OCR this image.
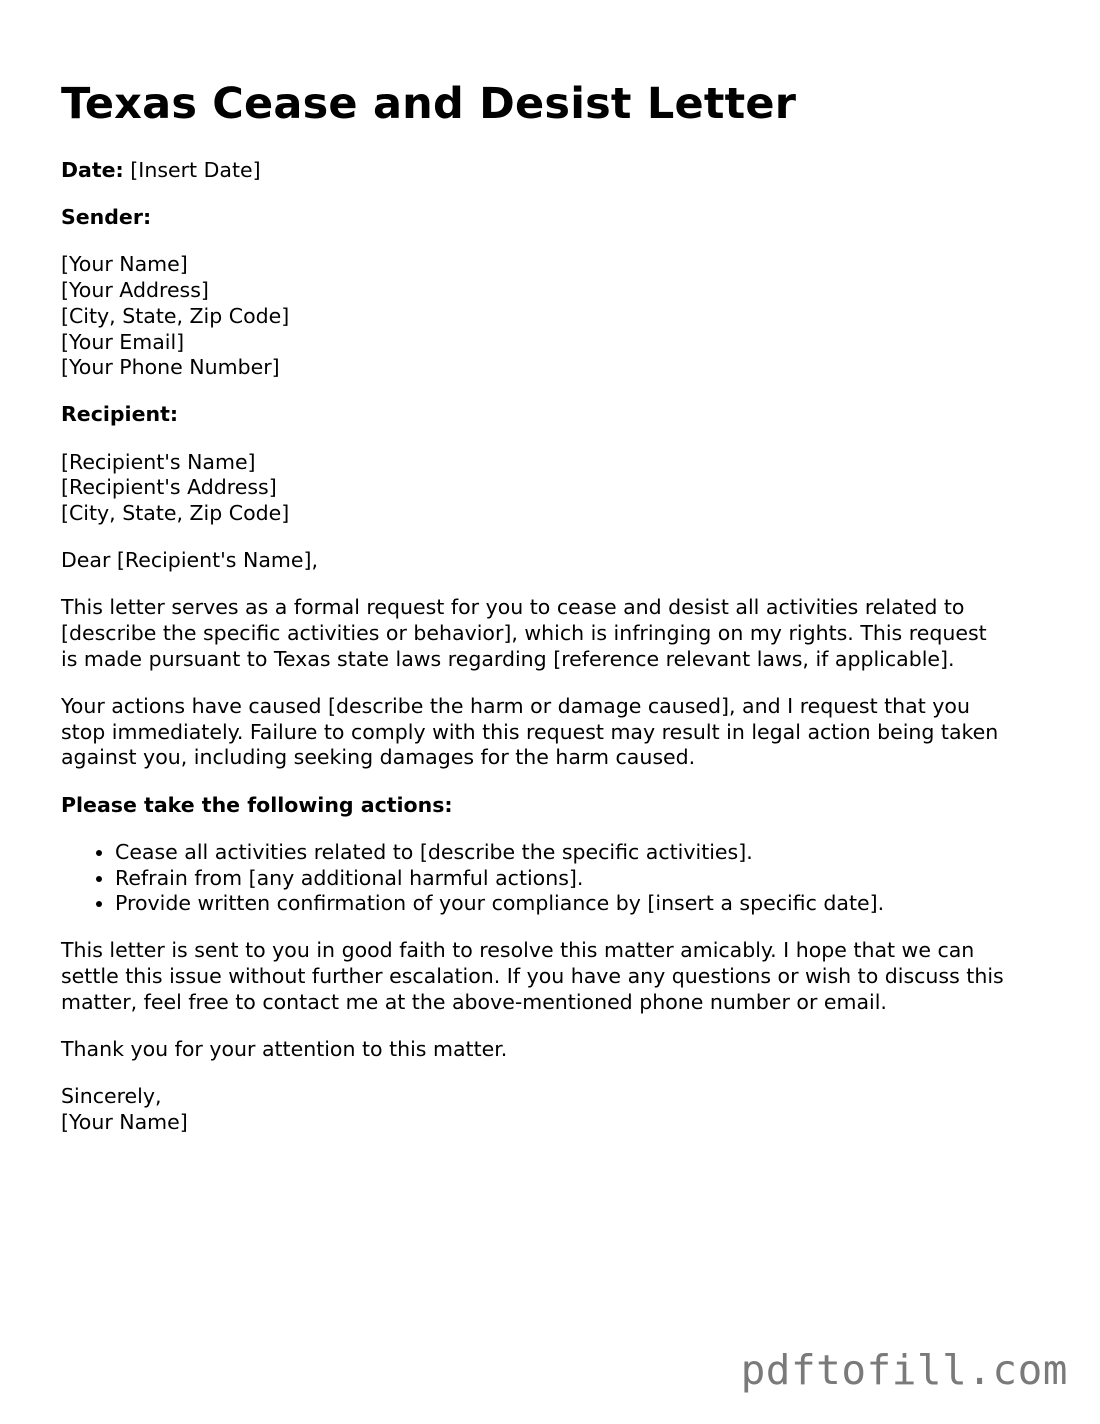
Texas Cease and Desist Letter

Date: [Insert Date]

Sender:

[Your Name]
[Your Address]
[City, State, Zip Code]
[Your Email]
[Your Phone Number]

Recipient:

[Recipient's Name]
[Recipient's Address]
[City, State, Zip Code]

Dear [Recipient's Name],

This letter serves as a formal request for you to cease and desist all activities related to
[describe the specific activities or behavior], which is infringing on my rights. This request
is made pursuant to Texas state laws regarding [reference relevant laws, if applicable].

Your actions have caused [describe the harm or damage caused], and I request that you
stop immediately. Failure to comply with this request may result in legal action being taken
against you, including seeking damages for the harm caused.

Please take the following actions:

• Cease all activities related to [describe the specific activities].
• Refrain from [any additional harmful actions].
• Provide written confirmation of your compliance by [insert a specific date].

This letter is sent to you in good faith to resolve this matter amicably. I hope that we can
settle this issue without further escalation. If you have any questions or wish to discuss this
matter, feel free to contact me at the above-mentioned phone number or email.

Thank you for your attention to this matter.

Sincerely,
[Your Name]

pdftofill.com
